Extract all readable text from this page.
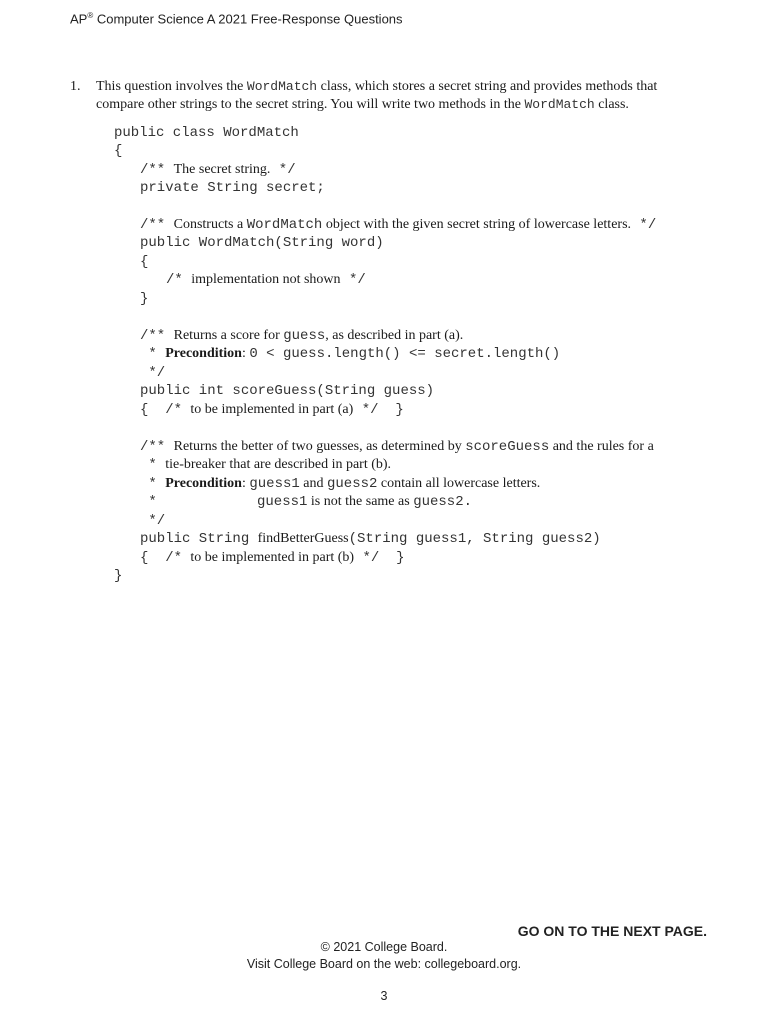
AP® Computer Science A 2021 Free-Response Questions
1. This question involves the WordMatch class, which stores a secret string and provides methods that compare other strings to the secret string. You will write two methods in the WordMatch class.
public class WordMatch
{
/** The secret string. */
private String secret;
/** Constructs a WordMatch object with the given secret string of lowercase letters. */
public WordMatch(String word)
{
/* implementation not shown */
}
/** Returns a score for guess, as described in part (a).
* Precondition: 0 < guess.length() <= secret.length()
*/
public int scoreGuess(String guess)
{  /* to be implemented in part (a) */  }
/** Returns the better of two guesses, as determined by scoreGuess and the rules for a
* tie-breaker that are described in part (b).
* Precondition: guess1 and guess2 contain all lowercase letters.
*	guess1 is not the same as guess2.
*/
public String findBetterGuess(String guess1, String guess2)
{  /* to be implemented in part (b) */  }
}
GO ON TO THE NEXT PAGE.
© 2021 College Board.
Visit College Board on the web: collegeboard.org.
3
